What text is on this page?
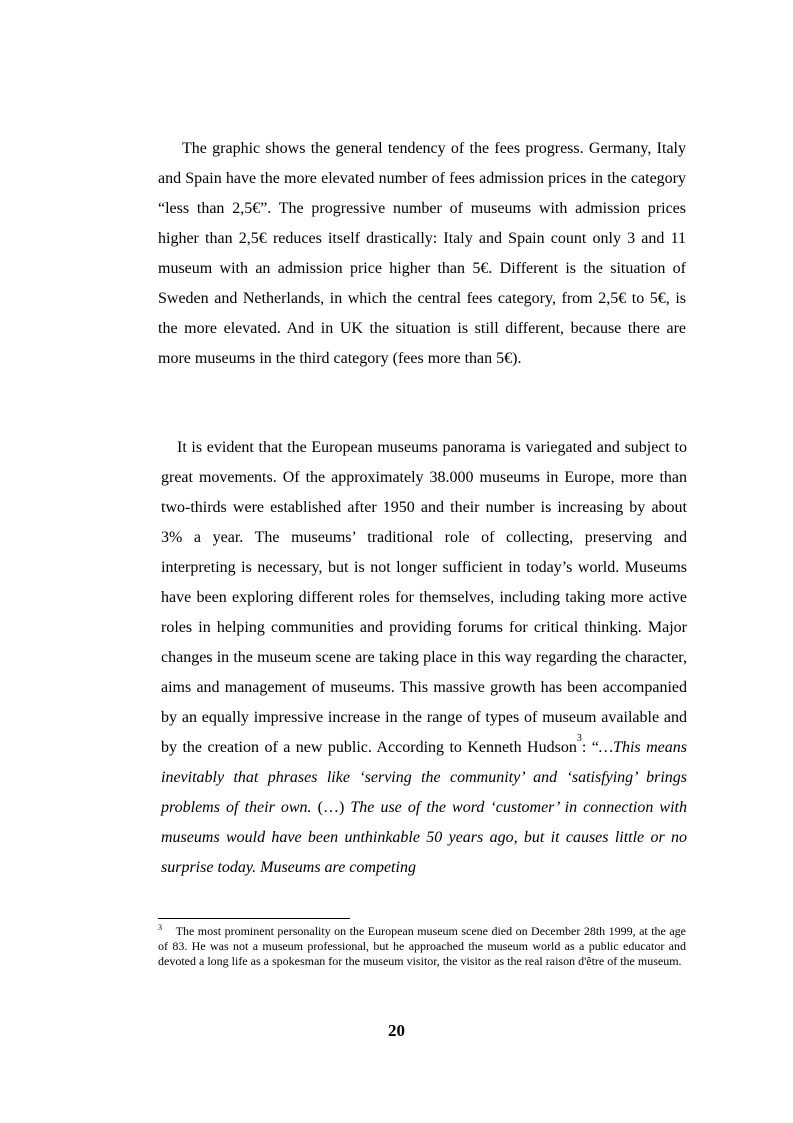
The graphic shows the general tendency of the fees progress. Germany, Italy and Spain have the more elevated number of fees admission prices in the category “less than 2,5€”. The progressive number of museums with admission prices higher than 2,5€ reduces itself drastically: Italy and Spain count only 3 and 11 museum with an admission price higher than 5€. Different is the situation of Sweden and Netherlands, in which the central fees category, from 2,5€ to 5€, is the more elevated. And in UK the situation is still different, because there are more museums in the third category (fees more than 5€).

It is evident that the European museums panorama is variegated and subject to great movements. Of the approximately 38.000 museums in Europe, more than two-thirds were established after 1950 and their number is increasing by about 3% a year. The museums’ traditional role of collecting, preserving and interpreting is necessary, but is not longer sufficient in today’s world. Museums have been exploring different roles for themselves, including taking more active roles in helping communities and providing forums for critical thinking. Major changes in the museum scene are taking place in this way regarding the character, aims and management of museums. This massive growth has been accompanied by an equally impressive increase in the range of types of museum available and by the creation of a new public. According to Kenneth Hudson$^3$: “…This means inevitably that phrases like ‘serving the community’ and ‘satisfying’ brings problems of their own. (…) The use of the word ‘customer’ in connection with museums would have been unthinkable 50 years ago, but it causes little or no surprise today. Museums are competing

$^3$ The most prominent personality on the European museum scene died on December 28th 1999, at the age of 83. He was not a museum professional, but he approached the museum world as a public educator and devoted a long life as a spokesman for the museum visitor, the visitor as the real raison d'être of the museum.

20
